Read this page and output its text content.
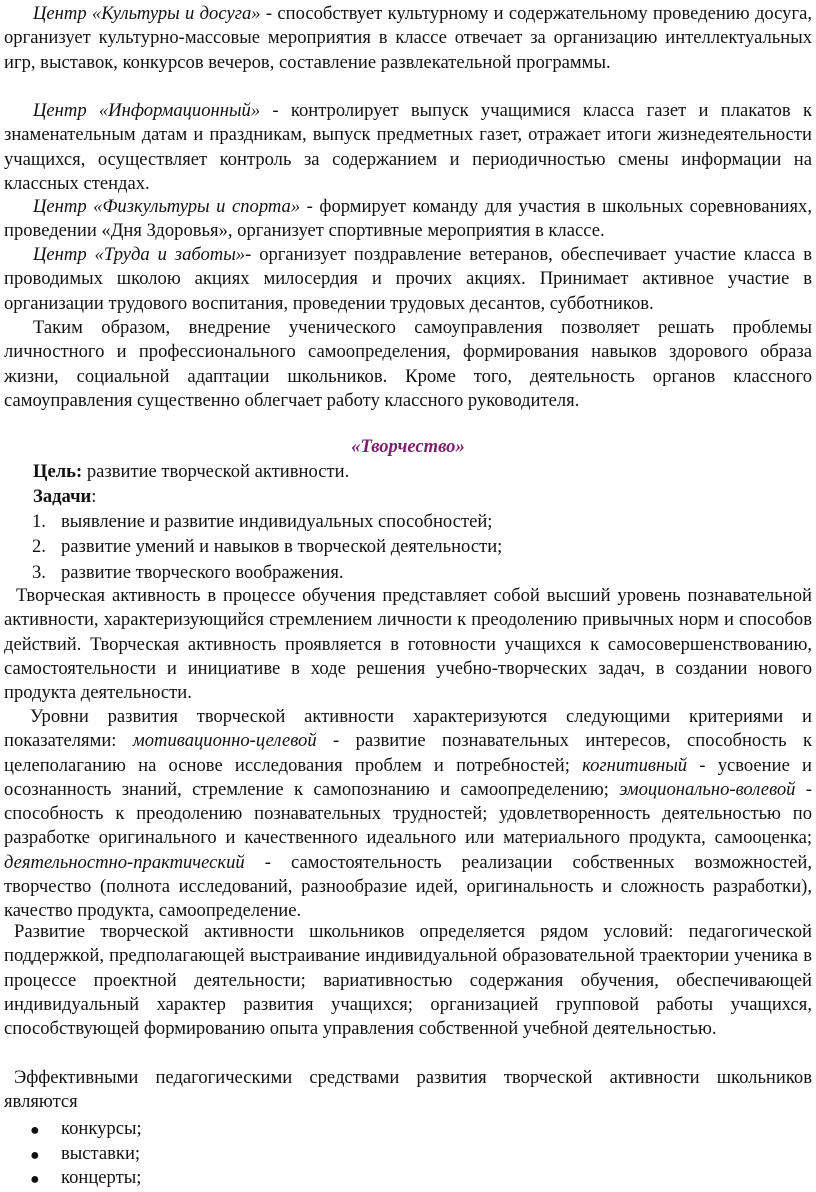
Центр «Культуры и досуга» - способствует культурному и содержательному проведению досуга, организует культурно-массовые мероприятия в классе отвечает за организацию интеллектуальных игр, выставок, конкурсов вечеров, составление развлекательной программы.

Центр «Информационный» - контролирует выпуск учащимися класса газет и плакатов к знаменательным датам и праздникам, выпуск предметных газет, отражает итоги жизнедеятельности учащихся, осуществляет контроль за содержанием и периодичностью смены информации на классных стендах.

Центр «Физкультуры и спорта» - формирует команду для участия в школьных соревнованиях, проведении «Дня Здоровья», организует спортивные мероприятия в классе.

Центр «Труда и заботы»- организует поздравление ветеранов, обеспечивает участие класса в проводимых школою акциях милосердия и прочих акциях. Принимает активное участие в организации трудового воспитания, проведении трудовых десантов, субботников.

Таким образом, внедрение ученического самоуправления позволяет решать проблемы личностного и профессионального самоопределения, формирования навыков здорового образа жизни, социальной адаптации школьников. Кроме того, деятельность органов классного самоуправления существенно облегчает работу классного руководителя.

«Творчество»
Цель: развитие творческой активности.
Задачи:
1. выявление и развитие индивидуальных способностей;
2. развитие умений и навыков в творческой деятельности;
3. развитие творческого воображения.

Творческая активность в процессе обучения представляет собой высший уровень познавательной активности, характеризующийся стремлением личности к преодолению привычных норм и способов действий. Творческая активность проявляется в готовности учащихся к самосовершенствованию, самостоятельности и инициативе в ходе решения учебно-творческих задач, в создании нового продукта деятельности.

Уровни развития творческой активности характеризуются следующими критериями и показателями: мотивационно-целевой - развитие познавательных интересов, способность к целеполаганию на основе исследования проблем и потребностей; когнитивный - усвоение и осознанность знаний, стремление к самопознанию и самоопределению; эмоционально-волевой - способность к преодолению познавательных трудностей; удовлетворенность деятельностью по разработке оригинального и качественного идеального или материального продукта, самооценка; деятельностно-практический - самостоятельность реализации собственных возможностей, творчество (полнота исследований, разнообразие идей, оригинальность и сложность разработки), качество продукта, самоопределение.

Развитие творческой активности школьников определяется рядом условий: педагогической поддержкой, предполагающей выстраивание индивидуальной образовательной траектории ученика в процессе проектной деятельности; вариативностью содержания обучения, обеспечивающей индивидуальный характер развития учащихся; организацией групповой работы учащихся, способствующей формированию опыта управления собственной учебной деятельностью.

Эффективными педагогическими средствами развития творческой активности школьников являются

● конкурсы;
● выставки;
● концерты;
